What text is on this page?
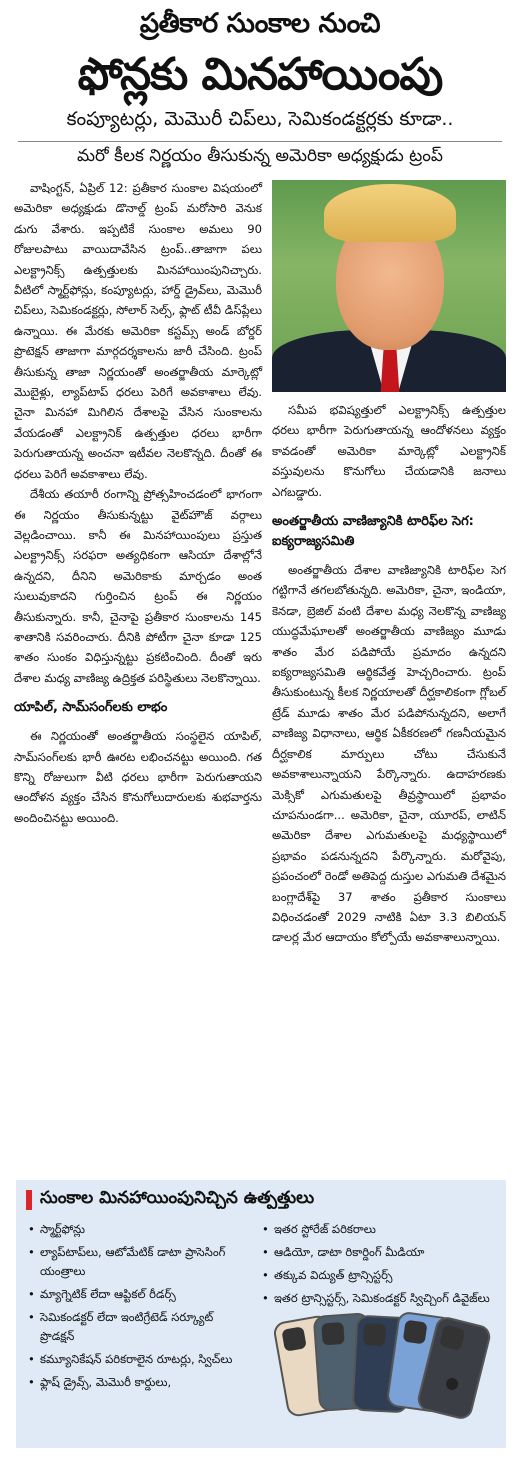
ప్రతీకార సుంకాల నుంచి
ఫోన్లకు మినహాయింపు
కంప్యూటర్లు, మెమొరీ చిప్‌లు, సెమికండక్టర్లకు కూడా..
మరో కీలక నిర్ణయం తీసుకున్న అమెరికా అధ్యక్షుడు ట్రంప్

వాషింగ్టన్‌, ఏప్రిల్‌ 12: ప్రతీకార సుంకాల విషయంలో అమెరికా అధ్యక్షుడు డొనాల్డ్‌ ట్రంప్‌ మరోసారి వెనుక డుగు వేశారు. ఇప్పటికే సుంకాల అమలు 90 రోజులపాటు వాయిదావేసిన ట్రంప్‌..తాజాగా పలు ఎలక్ట్రానిక్స్‌ ఉత్పత్తులకు మినహాయింపునిచ్చారు. వీటిలో స్మార్ట్‌ఫోన్లు, కంప్యూటర్లు, హార్డ్‌ డ్రైవ్‌లు, మెమొరీ చిప్‌లు, సెమికండక్టర్లు, సోలార్‌ సెల్స్‌, ఫ్లాట్‌ టీవీ డిస్‌ప్లేలు ఉన్నాయి. ఈ మేరకు అమెరికా కస్టమ్స్‌ అండ్‌ బోర్డర్‌ ప్రొటెక్షన్‌ తాజాగా మార్గదర్శకాలను జారీ చేసింది. ట్రంప్‌ తీసుకున్న తాజా నిర్ణయంతో అంతర్జాతీయ మార్కెట్లో మొబైళ్లు, ల్యాప్‌టాప్‌ ధరలు పెరిగే అవకాశాలు లేవు. చైనా మినహా మిగిలిన దేశాలపై వేసిన సుంకాలను వేయడంతో ఎలక్ట్రానిక్‌ ఉత్పత్తుల ధరలు భారీగా పెరుగుతాయన్న అంచనా ఇటీవల నెలకొన్నది. దీంతో ఈ ధరలు పెరిగే అవకాశాలు లేవు.

దేశీయ తయారీ రంగాన్ని ప్రోత్సహించడంలో భాగంగా ఈ నిర్ణయం తీసుకున్నట్టు వైట్‌హౌజ్‌ వర్గాలు వెల్లడించాయి. కానీ ఈ మినహాయింపులు ప్రస్తుత ఎలక్ట్రానిక్స్‌ సరఫరా అత్యధికంగా ఆసియా దేశాల్లోనే ఉన్నదని, దీనిని అమెరికాకు మార్చడం అంత సులువుకాదని గుర్తించిన ట్రంప్‌ ఈ నిర్ణయం తీసుకున్నారు. కానీ, చైనాపై ప్రతీకార సుంకాలను 145 శాతానికి సవరించారు. దీనికి పోటీగా చైనా కూడా 125 శాతం సుంకం విధిస్తున్నట్టు ప్రకటించింది. దీంతో ఇరు దేశాల మధ్య వాణిజ్య ఉద్రిక్తత పరిస్థితులు నెలకొన్నాయి.

యాపిల్‌, సామ్‌సంగ్‌లకు లాభం

ఈ నిర్ణయంతో అంతర్జాతీయ సంస్థలైన యాపిల్‌, సామ్‌సంగ్‌లకు భారీ ఊరట లభించనట్టు అయింది. గత కొన్ని రోజులుగా వీటి ధరలు భారీగా పెరుగుతాయని ఆందోళన వ్యక్తం చేసిన కొనుగోలుదారులకు శుభవార్తను అందించినట్టు అయింది.

సమీప భవిష్యత్తులో ఎలక్ట్రానిక్స్‌ ఉత్పత్తుల ధరలు భారీగా పెరుగుతాయన్న ఆందోళనలు వ్యక్తం కావడంతో అమెరికా మార్కెట్లో ఎలక్ట్రానిక్‌ వస్తువులను కొనుగోలు చేయడానికి జనాలు ఎగబడ్డారు.

అంతర్జాతీయ వాణిజ్యానికి టారిఫ్‌ల సెగ: ఐక్యరాజ్యసమితి

అంతర్జాతీయ దేశాల వాణిజ్యానికి టారిఫ్‌ల సెగ గట్టిగానే తగలబోతున్నది. అమెరికా, చైనా, ఇండియా, కెనడా, బ్రెజిల్‌ వంటి దేశాల మధ్య నెలకొన్న వాణిజ్య యుద్ధమేఘాలతో అంతర్జాతీయ వాణిజ్యం మూడు శాతం మేర పడిపోయే ప్రమాదం ఉన్నదని ఐక్యరాజ్యసమితి ఆర్థికవేత్త హెచ్చరించారు. ట్రంప్‌ తీసుకుంటున్న కీలక నిర్ణయాలతో దీర్ఘకాలికంగా గ్లోబల్‌ ట్రేడ్‌ మూడు శాతం మేర పడిపోనున్నదని, అలాగే వాణిజ్య విధానాలు, ఆర్థిక ఏకీకరణలో గణనీయమైన దీర్ఘకాలిక మార్పులు చోటు చేసుకునే అవకాశాలున్నాయని పేర్కొన్నారు. ఉదాహరణకు మెక్సికో ఎగుమతులపై తీవ్రస్థాయిలో ప్రభావం చూపనుండగా... అమెరికా, చైనా, యూరప్‌, లాటిన్‌ అమెరికా దేశాల ఎగుమతులపై మధ్యస్థాయిలో ప్రభావం పడనున్నదని పేర్కొన్నారు. మరోవైపు, ప్రపంచంలో రెండో అతిపెద్ద దుస్తుల ఎగుమతి దేశమైన బంగ్లాదేశ్‌పై 37 శాతం ప్రతీకార సుంకాలు విధించడంతో 2029 నాటికి ఏటా 3.3 బిలియన్‌ డాలర్ల మేర ఆదాయం కోల్పోయే అవకాశాలున్నాయి.

సుంకాల మినహాయింపునిచ్చిన ఉత్పత్తులు
• స్మార్ట్‌ఫోన్లు
• ల్యాప్‌టాప్‌లు, ఆటోమేటిక్‌ డాటా ప్రాసెసింగ్‌ యంత్రాలు
• మ్యాగ్నెటిక్‌ లేదా ఆప్టికల్‌ రీడర్స్‌
• సెమికండక్టర్‌ లేదా ఇంటిగ్రేటెడ్‌ సర్క్యూట్‌ ప్రొడక్షన్‌
• కమ్యూనికేషన్‌ పరికరాలైన రూటర్లు, స్విచ్‌లు
• ఫ్లాష్‌ డ్రైవ్స్‌, మెమొరీ కార్డులు,
• ఇతర స్టోరేజ్‌ పరికరాలు
• ఆడియో, డాటా రికార్డింగ్‌ మీడియా
• తక్కువ విద్యుత్‌ ట్రాన్సిస్టర్స్‌
• ఇతర ట్రాన్సిస్టర్స్‌, సెమికండక్టర్‌ స్విచ్చింగ్‌ డివైజ్‌లు
